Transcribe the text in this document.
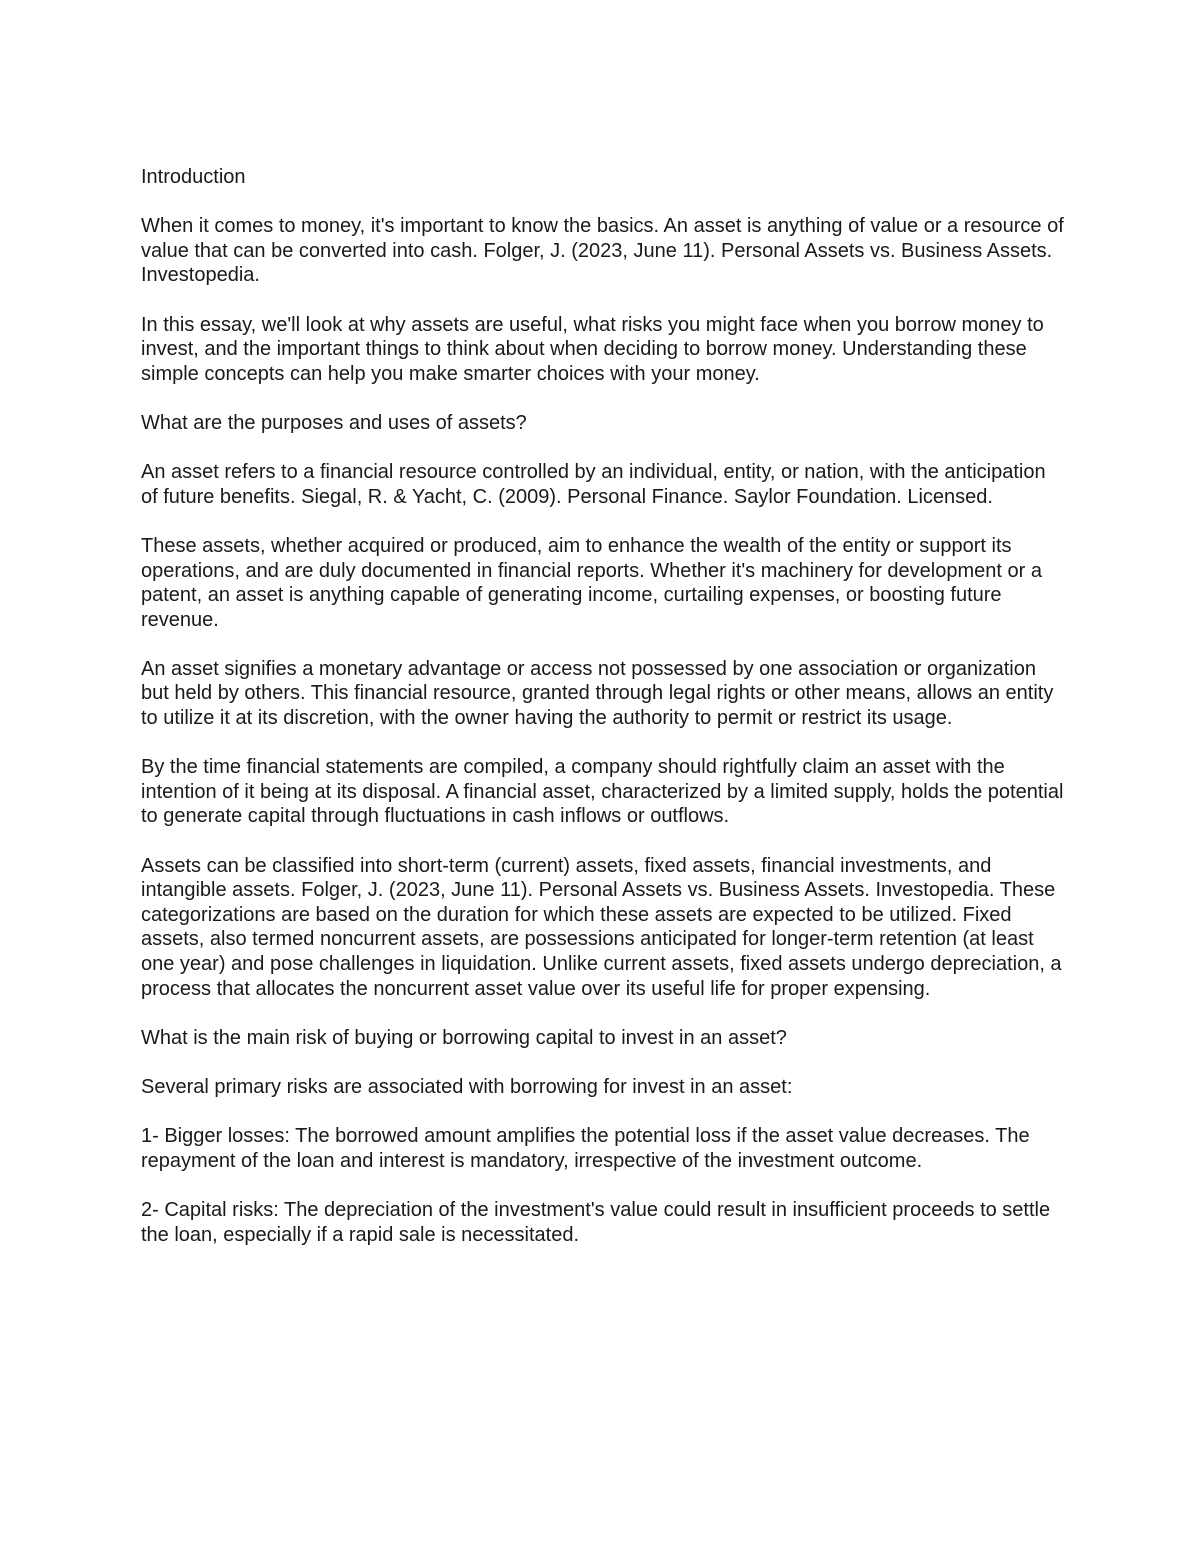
Introduction

When it comes to money, it's important to know the basics. An asset is anything of value or a resource of value that can be converted into cash. Folger, J. (2023, June 11). Personal Assets vs. Business Assets. Investopedia.

In this essay, we'll look at why assets are useful, what risks you might face when you borrow money to invest, and the important things to think about when deciding to borrow money. Understanding these simple concepts can help you make smarter choices with your money.

What are the purposes and uses of assets?

An asset refers to a financial resource controlled by an individual, entity, or nation, with the anticipation of future benefits. Siegal, R. & Yacht, C. (2009). Personal Finance. Saylor Foundation. Licensed.

These assets, whether acquired or produced, aim to enhance the wealth of the entity or support its operations, and are duly documented in financial reports. Whether it's machinery for development or a patent, an asset is anything capable of generating income, curtailing expenses, or boosting future revenue.

An asset signifies a monetary advantage or access not possessed by one association or organization but held by others. This financial resource, granted through legal rights or other means, allows an entity to utilize it at its discretion, with the owner having the authority to permit or restrict its usage.

By the time financial statements are compiled, a company should rightfully claim an asset with the intention of it being at its disposal. A financial asset, characterized by a limited supply, holds the potential to generate capital through fluctuations in cash inflows or outflows.

Assets can be classified into short-term (current) assets, fixed assets, financial investments, and intangible assets. Folger, J. (2023, June 11). Personal Assets vs. Business Assets. Investopedia. These categorizations are based on the duration for which these assets are expected to be utilized. Fixed assets, also termed noncurrent assets, are possessions anticipated for longer-term retention (at least one year) and pose challenges in liquidation. Unlike current assets, fixed assets undergo depreciation, a process that allocates the noncurrent asset value over its useful life for proper expensing.

What is the main risk of buying or borrowing capital to invest in an asset?

Several primary risks are associated with borrowing for invest in an asset:

1- Bigger losses: The borrowed amount amplifies the potential loss if the asset value decreases. The repayment of the loan and interest is mandatory, irrespective of the investment outcome.

2- Capital risks: The depreciation of the investment's value could result in insufficient proceeds to settle the loan, especially if a rapid sale is necessitated.
